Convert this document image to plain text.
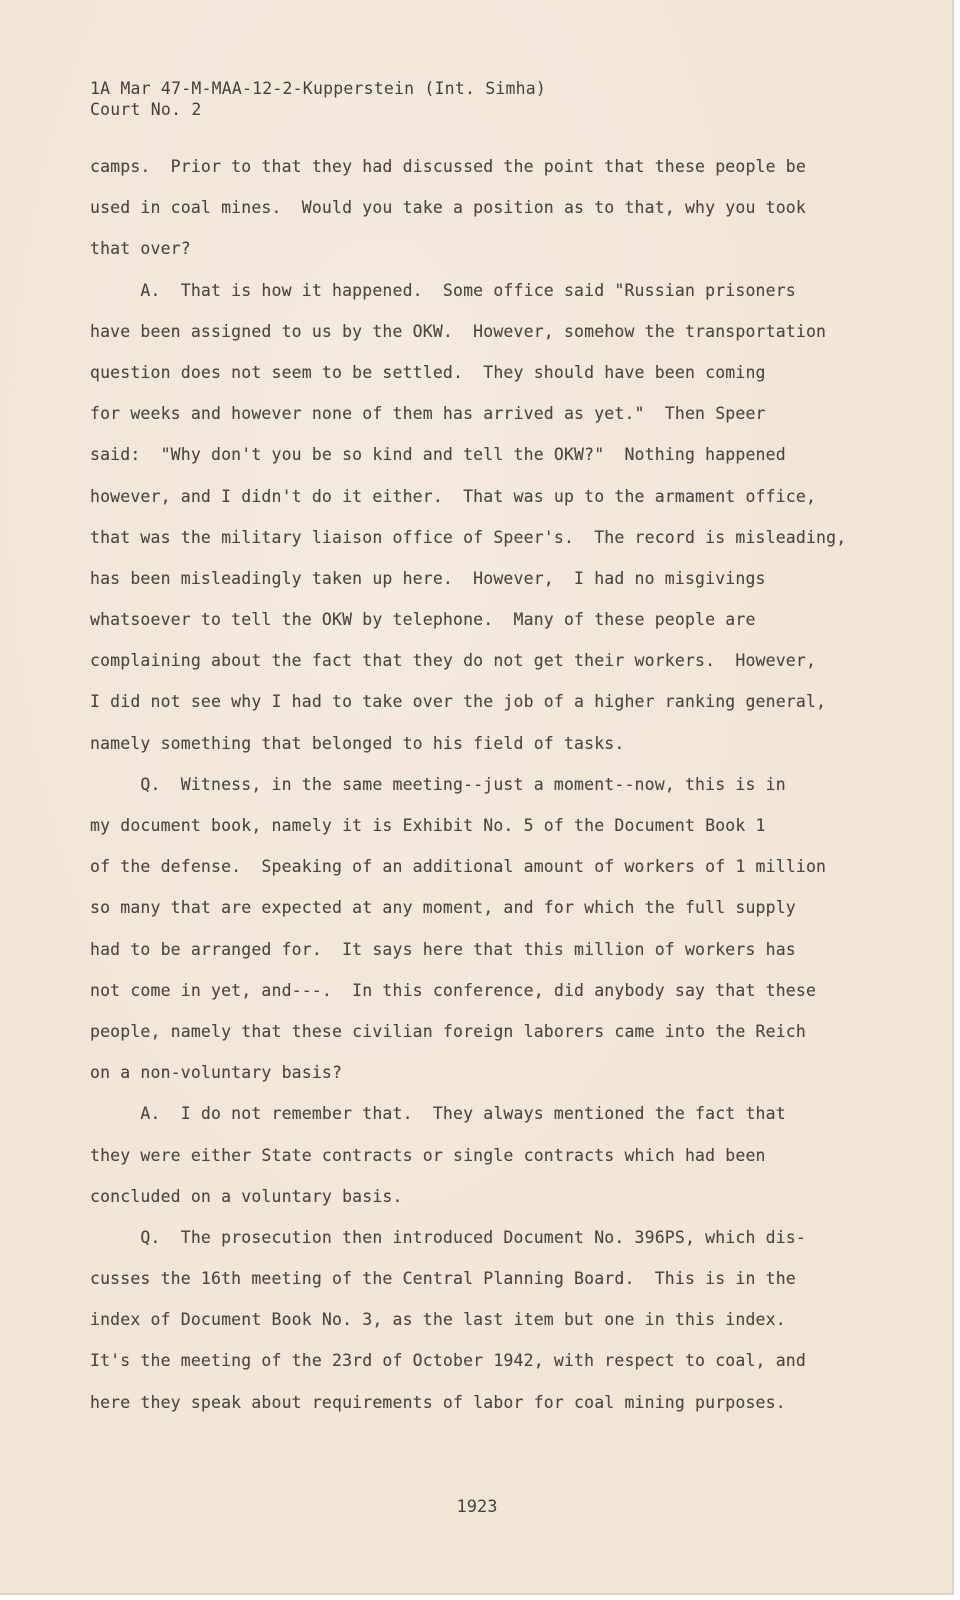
1A Mar 47-M-MAA-12-2-Kupperstein (Int. Simha)
Court No. 2
camps.  Prior to that they had discussed the point that these people be
used in coal mines.  Would you take a position as to that, why you took
that over?
A.  That is how it happened.  Some office said "Russian prisoners
have been assigned to us by the OKW.  However, somehow the transportation
question does not seem to be settled.  They should have been coming
for weeks and however none of them has arrived as yet."  Then Speer
said:  "Why don't you be so kind and tell the OKW?"  Nothing happened
however, and I didn't do it either.  That was up to the armament office,
that was the military liaison office of Speer's.  The record is misleading,
has been misleadingly taken up here.  However,  I had no misgivings
whatsoever to tell the OKW by telephone.  Many of these people are
complaining about the fact that they do not get their workers.  However,
I did not see why I had to take over the job of a higher ranking general,
namely something that belonged to his field of tasks.
Q.  Witness, in the same meeting--just a moment--now, this is in
my document book, namely it is Exhibit No. 5 of the Document Book 1
of the defense.  Speaking of an additional amount of workers of 1 million
so many that are expected at any moment, and for which the full supply
had to be arranged for.  It says here that this million of workers has
not come in yet, and---.  In this conference, did anybody say that these
people, namely that these civilian foreign laborers came into the Reich
on a non-voluntary basis?
A.  I do not remember that.  They always mentioned the fact that
they were either State contracts or single contracts which had been
concluded on a voluntary basis.
Q.  The prosecution then introduced Document No. 396PS, which dis-
cusses the 16th meeting of the Central Planning Board.  This is in the
index of Document Book No. 3, as the last item but one in this index.
It's the meeting of the 23rd of October 1942, with respect to coal, and
here they speak about requirements of labor for coal mining purposes.
1923
